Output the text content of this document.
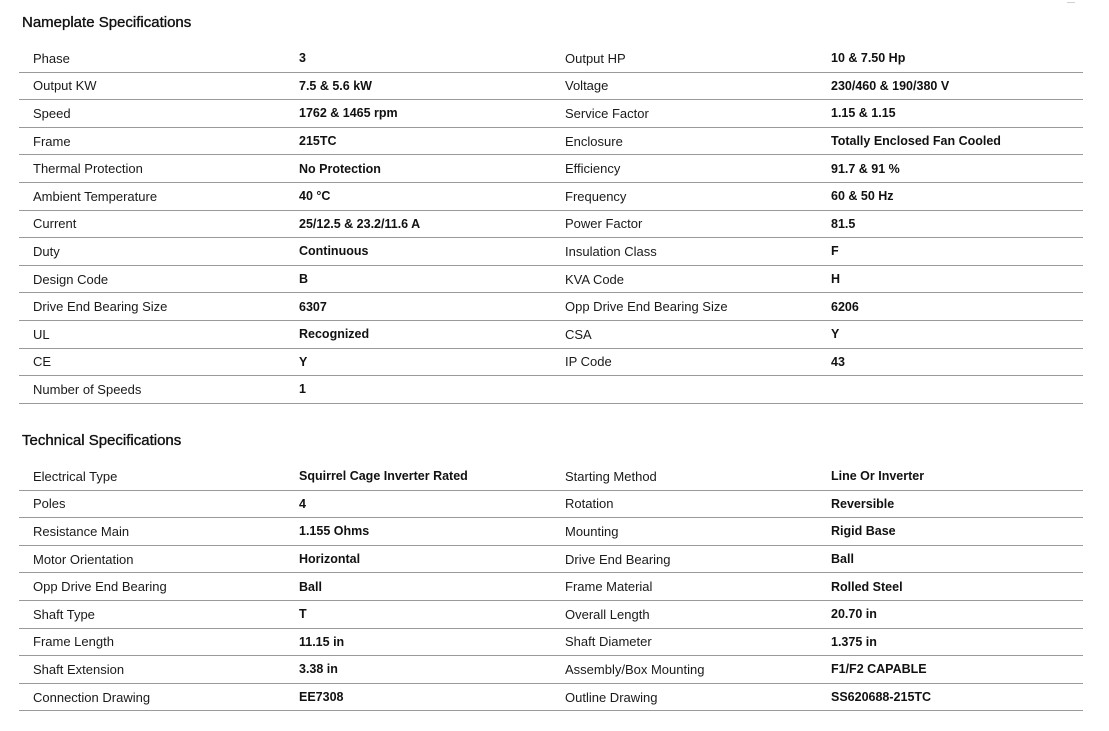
Nameplate Specifications
Phase	3	Output HP	10 & 7.50 Hp
Output KW	7.5 & 5.6 kW	Voltage	230/460 & 190/380 V
Speed	1762 & 1465 rpm	Service Factor	1.15 & 1.15
Frame	215TC	Enclosure	Totally Enclosed Fan Cooled
Thermal Protection	No Protection	Efficiency	91.7 & 91 %
Ambient Temperature	40 °C	Frequency	60 & 50 Hz
Current	25/12.5 & 23.2/11.6 A	Power Factor	81.5
Duty	Continuous	Insulation Class	F
Design Code	B	KVA Code	H
Drive End Bearing Size	6307	Opp Drive End Bearing Size	6206
UL	Recognized	CSA	Y
CE	Y	IP Code	43
Number of Speeds	1		
Technical Specifications
Electrical Type	Squirrel Cage Inverter Rated	Starting Method	Line Or Inverter
Poles	4	Rotation	Reversible
Resistance Main	1.155 Ohms	Mounting	Rigid Base
Motor Orientation	Horizontal	Drive End Bearing	Ball
Opp Drive End Bearing	Ball	Frame Material	Rolled Steel
Shaft Type	T	Overall Length	20.70 in
Frame Length	11.15 in	Shaft Diameter	1.375 in
Shaft Extension	3.38 in	Assembly/Box Mounting	F1/F2 CAPABLE
Connection Drawing	EE7308	Outline Drawing	SS620688-215TC
